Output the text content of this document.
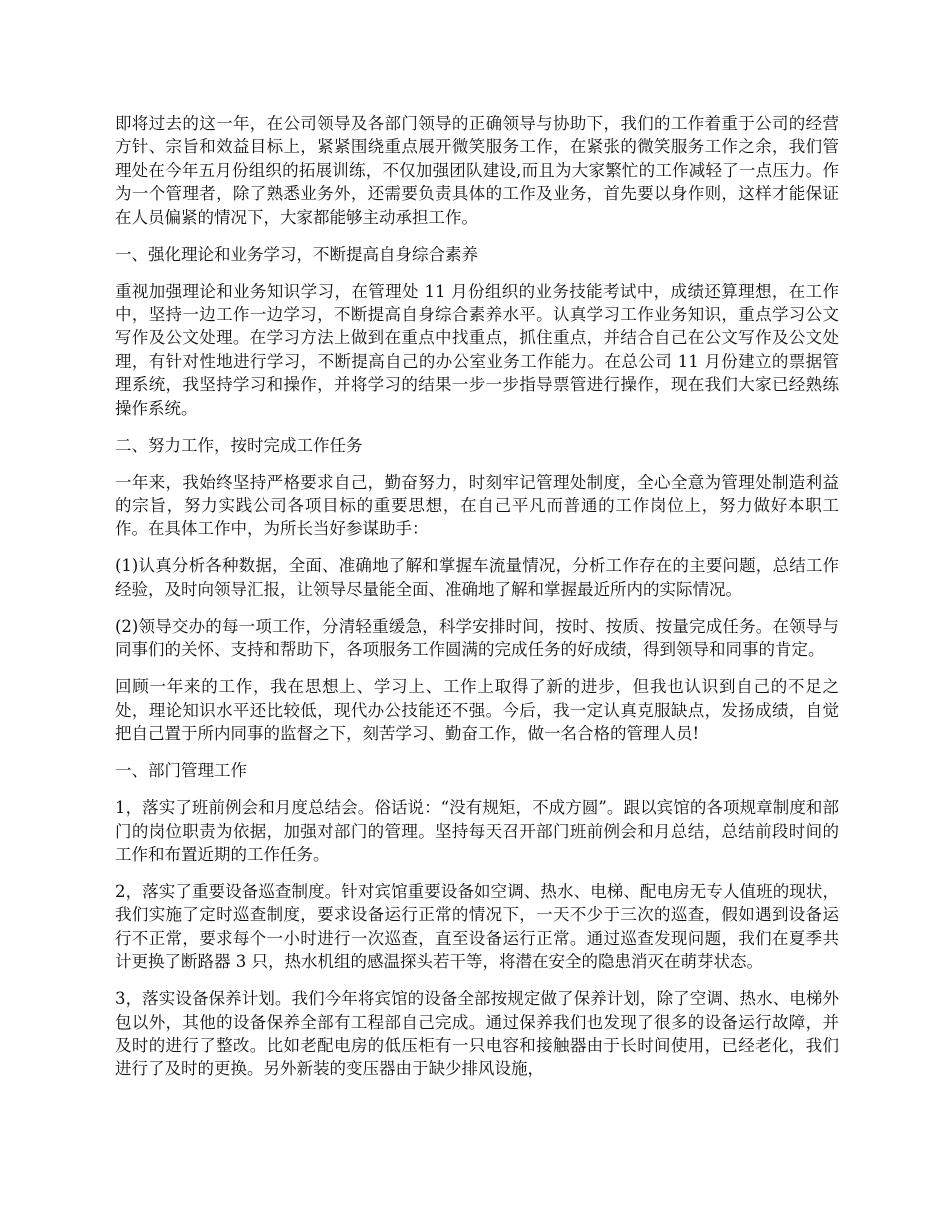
即将过去的这一年，在公司领导及各部门领导的正确领导与协助下，我们的工作着重于公司的经营方针、宗旨和效益目标上，紧紧围绕重点展开微笑服务工作，在紧张的微笑服务工作之余，我们管理处在今年五月份组织的拓展训练，不仅加强团队建设,而且为大家繁忙的工作减轻了一点压力。作为一个管理者，除了熟悉业务外，还需要负责具体的工作及业务，首先要以身作则，这样才能保证在人员偏紧的情况下，大家都能够主动承担工作。

一、强化理论和业务学习，不断提高自身综合素养

重视加强理论和业务知识学习，在管理处 11 月份组织的业务技能考试中，成绩还算理想，在工作中，坚持一边工作一边学习，不断提高自身综合素养水平。认真学习工作业务知识，重点学习公文写作及公文处理。在学习方法上做到在重点中找重点，抓住重点，并结合自己在公文写作及公文处理，有针对性地进行学习，不断提高自己的办公室业务工作能力。在总公司 11 月份建立的票据管理系统，我坚持学习和操作，并将学习的结果一步一步指导票管进行操作，现在我们大家已经熟练操作系统。

二、努力工作，按时完成工作任务

一年来，我始终坚持严格要求自己，勤奋努力，时刻牢记管理处制度，全心全意为管理处制造利益的宗旨，努力实践公司各项目标的重要思想，在自己平凡而普通的工作岗位上，努力做好本职工作。在具体工作中，为所长当好参谋助手：

(1)认真分析各种数据，全面、准确地了解和掌握车流量情况，分析工作存在的主要问题，总结工作经验，及时向领导汇报，让领导尽量能全面、准确地了解和掌握最近所内的实际情况。

(2)领导交办的每一项工作，分清轻重缓急，科学安排时间，按时、按质、按量完成任务。在领导与同事们的关怀、支持和帮助下，各项服务工作圆满的完成任务的好成绩，得到领导和同事的肯定。

回顾一年来的工作，我在思想上、学习上、工作上取得了新的进步，但我也认识到自己的不足之处，理论知识水平还比较低，现代办公技能还不强。今后，我一定认真克服缺点，发扬成绩，自觉把自己置于所内同事的监督之下，刻苦学习、勤奋工作，做一名合格的管理人员!

一、部门管理工作

1，落实了班前例会和月度总结会。俗话说：“没有规矩，不成方圆”。跟以宾馆的各项规章制度和部门的岗位职责为依据，加强对部门的管理。坚持每天召开部门班前例会和月总结，总结前段时间的工作和布置近期的工作任务。

2，落实了重要设备巡查制度。针对宾馆重要设备如空调、热水、电梯、配电房无专人值班的现状，我们实施了定时巡查制度，要求设备运行正常的情况下，一天不少于三次的巡查，假如遇到设备运行不正常，要求每个一小时进行一次巡查，直至设备运行正常。通过巡查发现问题，我们在夏季共计更换了断路器 3 只，热水机组的感温探头若干等，将潜在安全的隐患消灭在萌芽状态。

3，落实设备保养计划。我们今年将宾馆的设备全部按规定做了保养计划，除了空调、热水、电梯外包以外，其他的设备保养全部有工程部自己完成。通过保养我们也发现了很多的设备运行故障，并及时的进行了整改。比如老配电房的低压柜有一只电容和接触器由于长时间使用，已经老化，我们进行了及时的更换。另外新装的变压器由于缺少排风设施，
